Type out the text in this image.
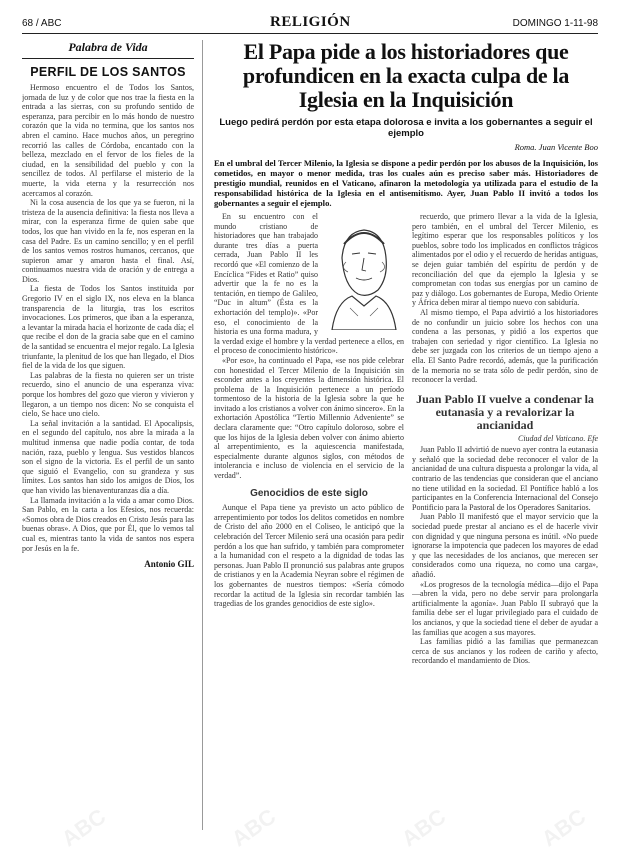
68 / ABC	RELIGIÓN	DOMINGO 1-11-98
Palabra de Vida
PERFIL DE LOS SANTOS

Hermoso encuentro el de Todos los Santos, jornada de luz y de color que nos trae la fiesta en la entrada a las sierras, con su profundo sentido de esperanza, para percibir en lo más hondo de nuestro corazón que la vida no termina, que los santos nos abren el camino. Hace muchos años, un peregrino recorrió las calles de Córdoba, encantado con la belleza, mezclado en el fervor de los fieles de la ciudad, en la sensibilidad del pueblo y con la sencillez de todos. Al perfilarse el misterio de la muerte, la vida eterna y la resurrección nos acercamos al corazón.

Ni la cosa ausencia de los que ya se fueron, ni la tristeza de la ausencia definitiva: la fiesta nos lleva a mirar, con la esperanza firme de quien sabe que todos, los que han vivido en la fe, nos esperan en la casa del Padre. Es un camino sencillo; y en el perfil de los santos vemos rostros humanos, cercanos, que supieron amar y amaron hasta el final. Así, continuamos nuestra vida de oración y de entrega a Dios.

La fiesta de Todos los Santos instituida por Gregorio IV en el siglo IX, nos eleva en la blanca transparencia de la liturgia, tras los escritos invocaciones. Los primeros, que iban a la esperanza, a levantar la mirada hacia el horizonte de cada día; el que recibe el don de la gracia sabe que en el camino de la santidad se encuentra el mejor regalo. La Iglesia triunfante, la plenitud de los que han llegado, el Dios fiel de la vida de los que siguen.

Las palabras de la fiesta no quieren ser un triste recuerdo, sino el anuncio de una esperanza viva: porque los hombres del gozo que vieron y vivieron y llegaron, a un tiempo nos dicen: No se conquista el cielo, Se hace uno cielo.

La señal invitación a la santidad. El Apocalipsis, en el segundo del capítulo, nos abre la mirada a la multitud inmensa que nadie podía contar, de toda nación, raza, pueblo y lengua. Sus vestidos blancos son el signo de la victoria. Es el perfil de un santo que siguió el Evangelio, con su grandeza y sus límites. Los santos han sido los amigos de Dios, los que han vivido las bienaventuranzas día a día.

La llamada invitación a la vida a amar como Dios. San Pablo, en la carta a los Efesios, nos recuerda: «Somos obra de Dios creados en Cristo Jesús para las buenas obras». A Dios, que por Él, que lo vemos tal cual es, mientras tanto la vida de santos nos espera por Jesús en la fe.

Antonio GIL
El Papa pide a los historiadores que profundicen en la exacta culpa de la Iglesia en la Inquisición
Luego pedirá perdón por esta etapa dolorosa e invita a los gobernantes a seguir el ejemplo
Roma. Juan Vicente Boo
En el umbral del Tercer Milenio, la Iglesia se dispone a pedir perdón por los abusos de la Inquisición, los cometidos, en mayor o menor medida, tras los cuales aún es preciso saber más. Historiadores de prestigio mundial, reunidos en el Vaticano, afinaron la metodología ya utilizada para el estudio de la responsabilidad histórica de la Iglesia en el antisemitismo. Ayer, Juan Pablo II invitó a todos los gobernantes a seguir el ejemplo.

En su encuentro con el mundo cristiano de historiadores que han trabajado durante tres días a puerta cerrada, Juan Pablo II les recordó que «El comienzo de la Encíclica “Fides et Ratio” quiso advertir que la fe no es la tentación, en tiempo de Galileo, “Duc in altum” (Ésta es la exhortación del templo)». «Por eso, el conocimiento de la historia es una forma madura, y la verdad exige el hombre y la verdad pertenece a ellos, en el proceso de conocimiento histórico».

«Por eso», ha continuado el Papa, «se nos pide celebrar con honestidad el Tercer Milenio de la Inquisición sin esconder antes a los creyentes la dimensión histórica. El problema de la Inquisición pertenece a un período tormentoso de la historia de la Iglesia sobre la que he invitado a los cristianos a volver con ánimo sincero». En la exhortación Apostólica “Tertio Millennio Adveniente” se declara claramente que: “Otro capítulo doloroso, sobre el que los hijos de la Iglesia deben volver con ánimo abierto al arrepentimiento, es la aquiescencia manifestada, especialmente durante algunos siglos, con métodos de intolerancia e incluso de violencia en el servicio de la verdad”.

Genocidios de este siglo

Aunque el Papa tiene ya previsto un acto público de arrepentimiento por todos los delitos cometidos en nombre de Cristo del año 2000 en el Coliseo, le anticipó que la celebración del Tercer Milenio será una ocasión para pedir perdón a los que han sufrido, y también para comprometer a la humanidad con el respeto a la dignidad de todas las personas. Juan Pablo II pronunció sus palabras ante grupos de cristianos y en la Academia Neyran sobre el régimen de los gobernantes de nuestros tiempos: «Sería cómodo recordar la actitud de la Iglesia sin recordar también las tragedias de los grandes genocidios de este siglo».

recuerdo, que primero llevar a la vida de la Iglesia, pero también, en el umbral del Tercer Milenio, es legítimo esperar que los responsables políticos y los pueblos, sobre todo los implicados en conflictos trágicos alimentados por el odio y el recuerdo de heridas antiguas, se dejen guiar también del espíritu de perdón y de reconciliación del que da ejemplo la Iglesia y se comprometan con todas sus energías por un camino de paz y diálogo. Los gobernantes de Europa, Medio Oriente y África deben mirar al tiempo nuevo con sabiduría.

Al mismo tiempo, el Papa advirtió a los historiadores de no confundir un juicio sobre los hechos con una condena a las personas, y pidió a los expertos que trabajen con seriedad y rigor científico. La Iglesia no debe ser juzgada con los criterios de un tiempo ajeno a ella. El Santo Padre recordó, además, que la purificación de la memoria no se trata sólo de pedir perdón, sino de reconocer la verdad.

Juan Pablo II vuelve a condenar la eutanasia y a revalorizar la ancianidad
Ciudad del Vaticano. Efe

Juan Pablo II advirtió de nuevo ayer contra la eutanasia y señaló que la sociedad debe reconocer el valor de la ancianidad de una cultura dispuesta a prolongar la vida, al contrario de las tendencias que consideran que el anciano no tiene utilidad en la sociedad. El Pontífice habló a los participantes en la Conferencia Internacional del Consejo Pontificio para la Pastoral de los Operadores Sanitarios.

Juan Pablo II manifestó que el mayor servicio que la sociedad puede prestar al anciano es el de hacerle vivir con dignidad y que ninguna persona es inútil. «No puede ignorarse la impotencia que padecen los mayores de edad y que las necesidades de los ancianos, que merecen ser considerados como una riqueza, no como una carga», añadió.

«Los progresos de la tecnología médica—dijo el Papa—abren la vida, pero no debe servir para prolongarla artificialmente la agonía». Juan Pablo II subrayó que la familia debe ser el lugar privilegiado para el cuidado de los ancianos, y que la sociedad tiene el deber de ayudar a las familias que acogen a sus mayores.

Las familias pidió a las familias que permanezcan cerca de sus ancianos y los rodeen de cariño y afecto, recordando el mandamiento de Dios.

ABC	ABC	ABC	ABC
